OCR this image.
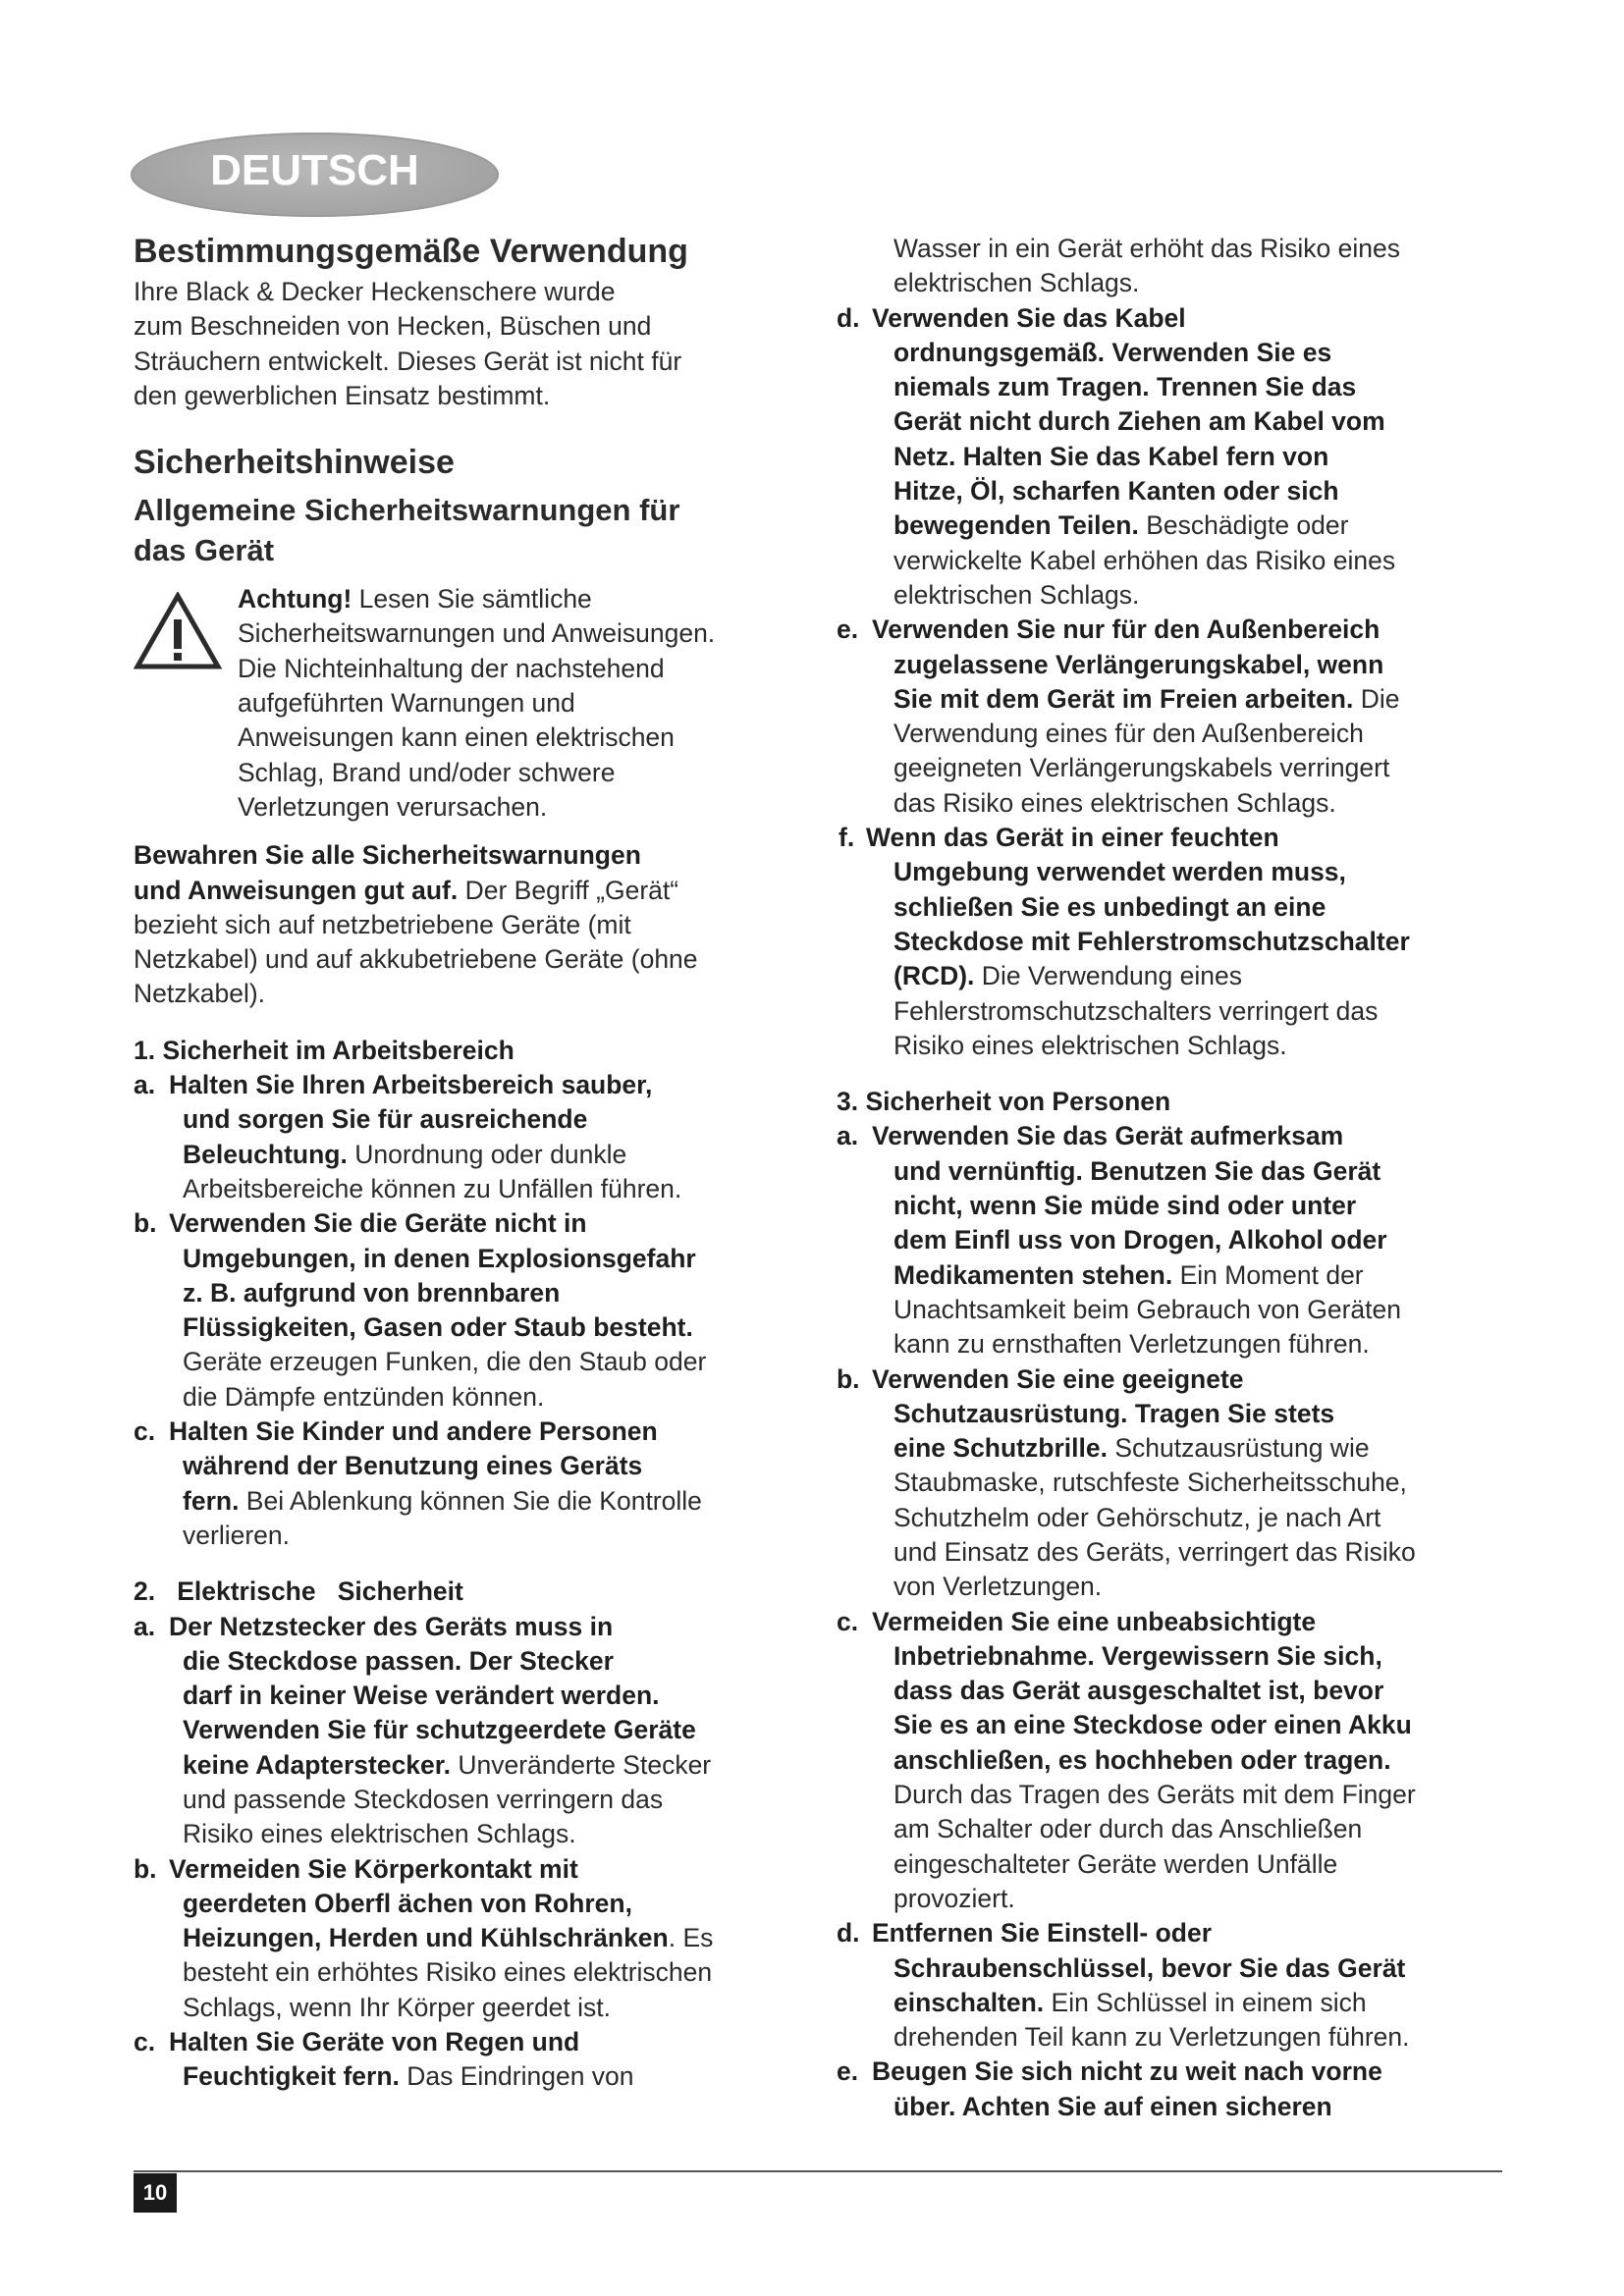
DEUTSCH
Bestimmungsgemäße Verwendung
Ihre Black & Decker Heckenschere wurde
zum Beschneiden von Hecken, Büschen und
Sträuchern entwickelt. Dieses Gerät ist nicht für
den gewerblichen Einsatz bestimmt.
Sicherheitshinweise
Allgemeine Sicherheitswarnungen für
das Gerät
Achtung! Lesen Sie sämtliche
Sicherheitswarnungen und Anweisungen.
Die Nichteinhaltung der nachstehend
aufgeführten Warnungen und
Anweisungen kann einen elektrischen
Schlag, Brand und/oder schwere
Verletzungen verursachen.
Bewahren Sie alle Sicherheitswarnungen
und Anweisungen gut auf. Der Begriff „Gerät“
bezieht sich auf netzbetriebene Geräte (mit
Netzkabel) und auf akkubetriebene Geräte (ohne
Netzkabel).
1. Sicherheit im Arbeitsbereich
a. Halten Sie Ihren Arbeitsbereich sauber,
und sorgen Sie für ausreichende
Beleuchtung. Unordnung oder dunkle
Arbeitsbereiche können zu Unfällen führen.
b. Verwenden Sie die Geräte nicht in
Umgebungen, in denen Explosionsgefahr
z. B. aufgrund von brennbaren
Flüssigkeiten, Gasen oder Staub besteht.
Geräte erzeugen Funken, die den Staub oder
die Dämpfe entzünden können.
c. Halten Sie Kinder und andere Personen
während der Benutzung eines Geräts
fern. Bei Ablenkung können Sie die Kontrolle
verlieren.
2.   Elektrische   Sicherheit
a. Der Netzstecker des Geräts muss in
die Steckdose passen. Der Stecker
darf in keiner Weise verändert werden.
Verwenden Sie für schutzgeerdete Geräte
keine Adapterstecker. Unveränderte Stecker
und passende Steckdosen verringern das
Risiko eines elektrischen Schlags.
b. Vermeiden Sie Körperkontakt mit
geerdeten Oberfl ächen von Rohren,
Heizungen, Herden und Kühlschränken. Es
besteht ein erhöhtes Risiko eines elektrischen
Schlags, wenn Ihr Körper geerdet ist.
c. Halten Sie Geräte von Regen und
Feuchtigkeit fern. Das Eindringen von
Wasser in ein Gerät erhöht das Risiko eines
elektrischen Schlags.
d. Verwenden Sie das Kabel
ordnungsgemäß. Verwenden Sie es
niemals zum Tragen. Trennen Sie das
Gerät nicht durch Ziehen am Kabel vom
Netz. Halten Sie das Kabel fern von
Hitze, Öl, scharfen Kanten oder sich
bewegenden Teilen. Beschädigte oder
verwickelte Kabel erhöhen das Risiko eines
elektrischen Schlags.
e. Verwenden Sie nur für den Außenbereich
zugelassene Verlängerungskabel, wenn
Sie mit dem Gerät im Freien arbeiten. Die
Verwendung eines für den Außenbereich
geeigneten Verlängerungskabels verringert
das Risiko eines elektrischen Schlags.
f. Wenn das Gerät in einer feuchten
Umgebung verwendet werden muss,
schließen Sie es unbedingt an eine
Steckdose mit Fehlerstromschutzschalter
(RCD). Die Verwendung eines
Fehlerstromschutzschalters verringert das
Risiko eines elektrischen Schlags.
3. Sicherheit von Personen
a. Verwenden Sie das Gerät aufmerksam
und vernünftig. Benutzen Sie das Gerät
nicht, wenn Sie müde sind oder unter
dem Einfl uss von Drogen, Alkohol oder
Medikamenten stehen. Ein Moment der
Unachtsamkeit beim Gebrauch von Geräten
kann zu ernsthaften Verletzungen führen.
b. Verwenden Sie eine geeignete
Schutzausrüstung. Tragen Sie stets
eine Schutzbrille. Schutzausrüstung wie
Staubmaske, rutschfeste Sicherheitsschuhe,
Schutzhelm oder Gehörschutz, je nach Art
und Einsatz des Geräts, verringert das Risiko
von Verletzungen.
c. Vermeiden Sie eine unbeabsichtigte
Inbetriebnahme. Vergewissern Sie sich,
dass das Gerät ausgeschaltet ist, bevor
Sie es an eine Steckdose oder einen Akku
anschließen, es hochheben oder tragen.
Durch das Tragen des Geräts mit dem Finger
am Schalter oder durch das Anschließen
eingeschalteter Geräte werden Unfälle
provoziert.
d. Entfernen Sie Einstell- oder
Schraubenschlüssel, bevor Sie das Gerät
einschalten. Ein Schlüssel in einem sich
drehenden Teil kann zu Verletzungen führen.
e. Beugen Sie sich nicht zu weit nach vorne
über. Achten Sie auf einen sicheren
10
